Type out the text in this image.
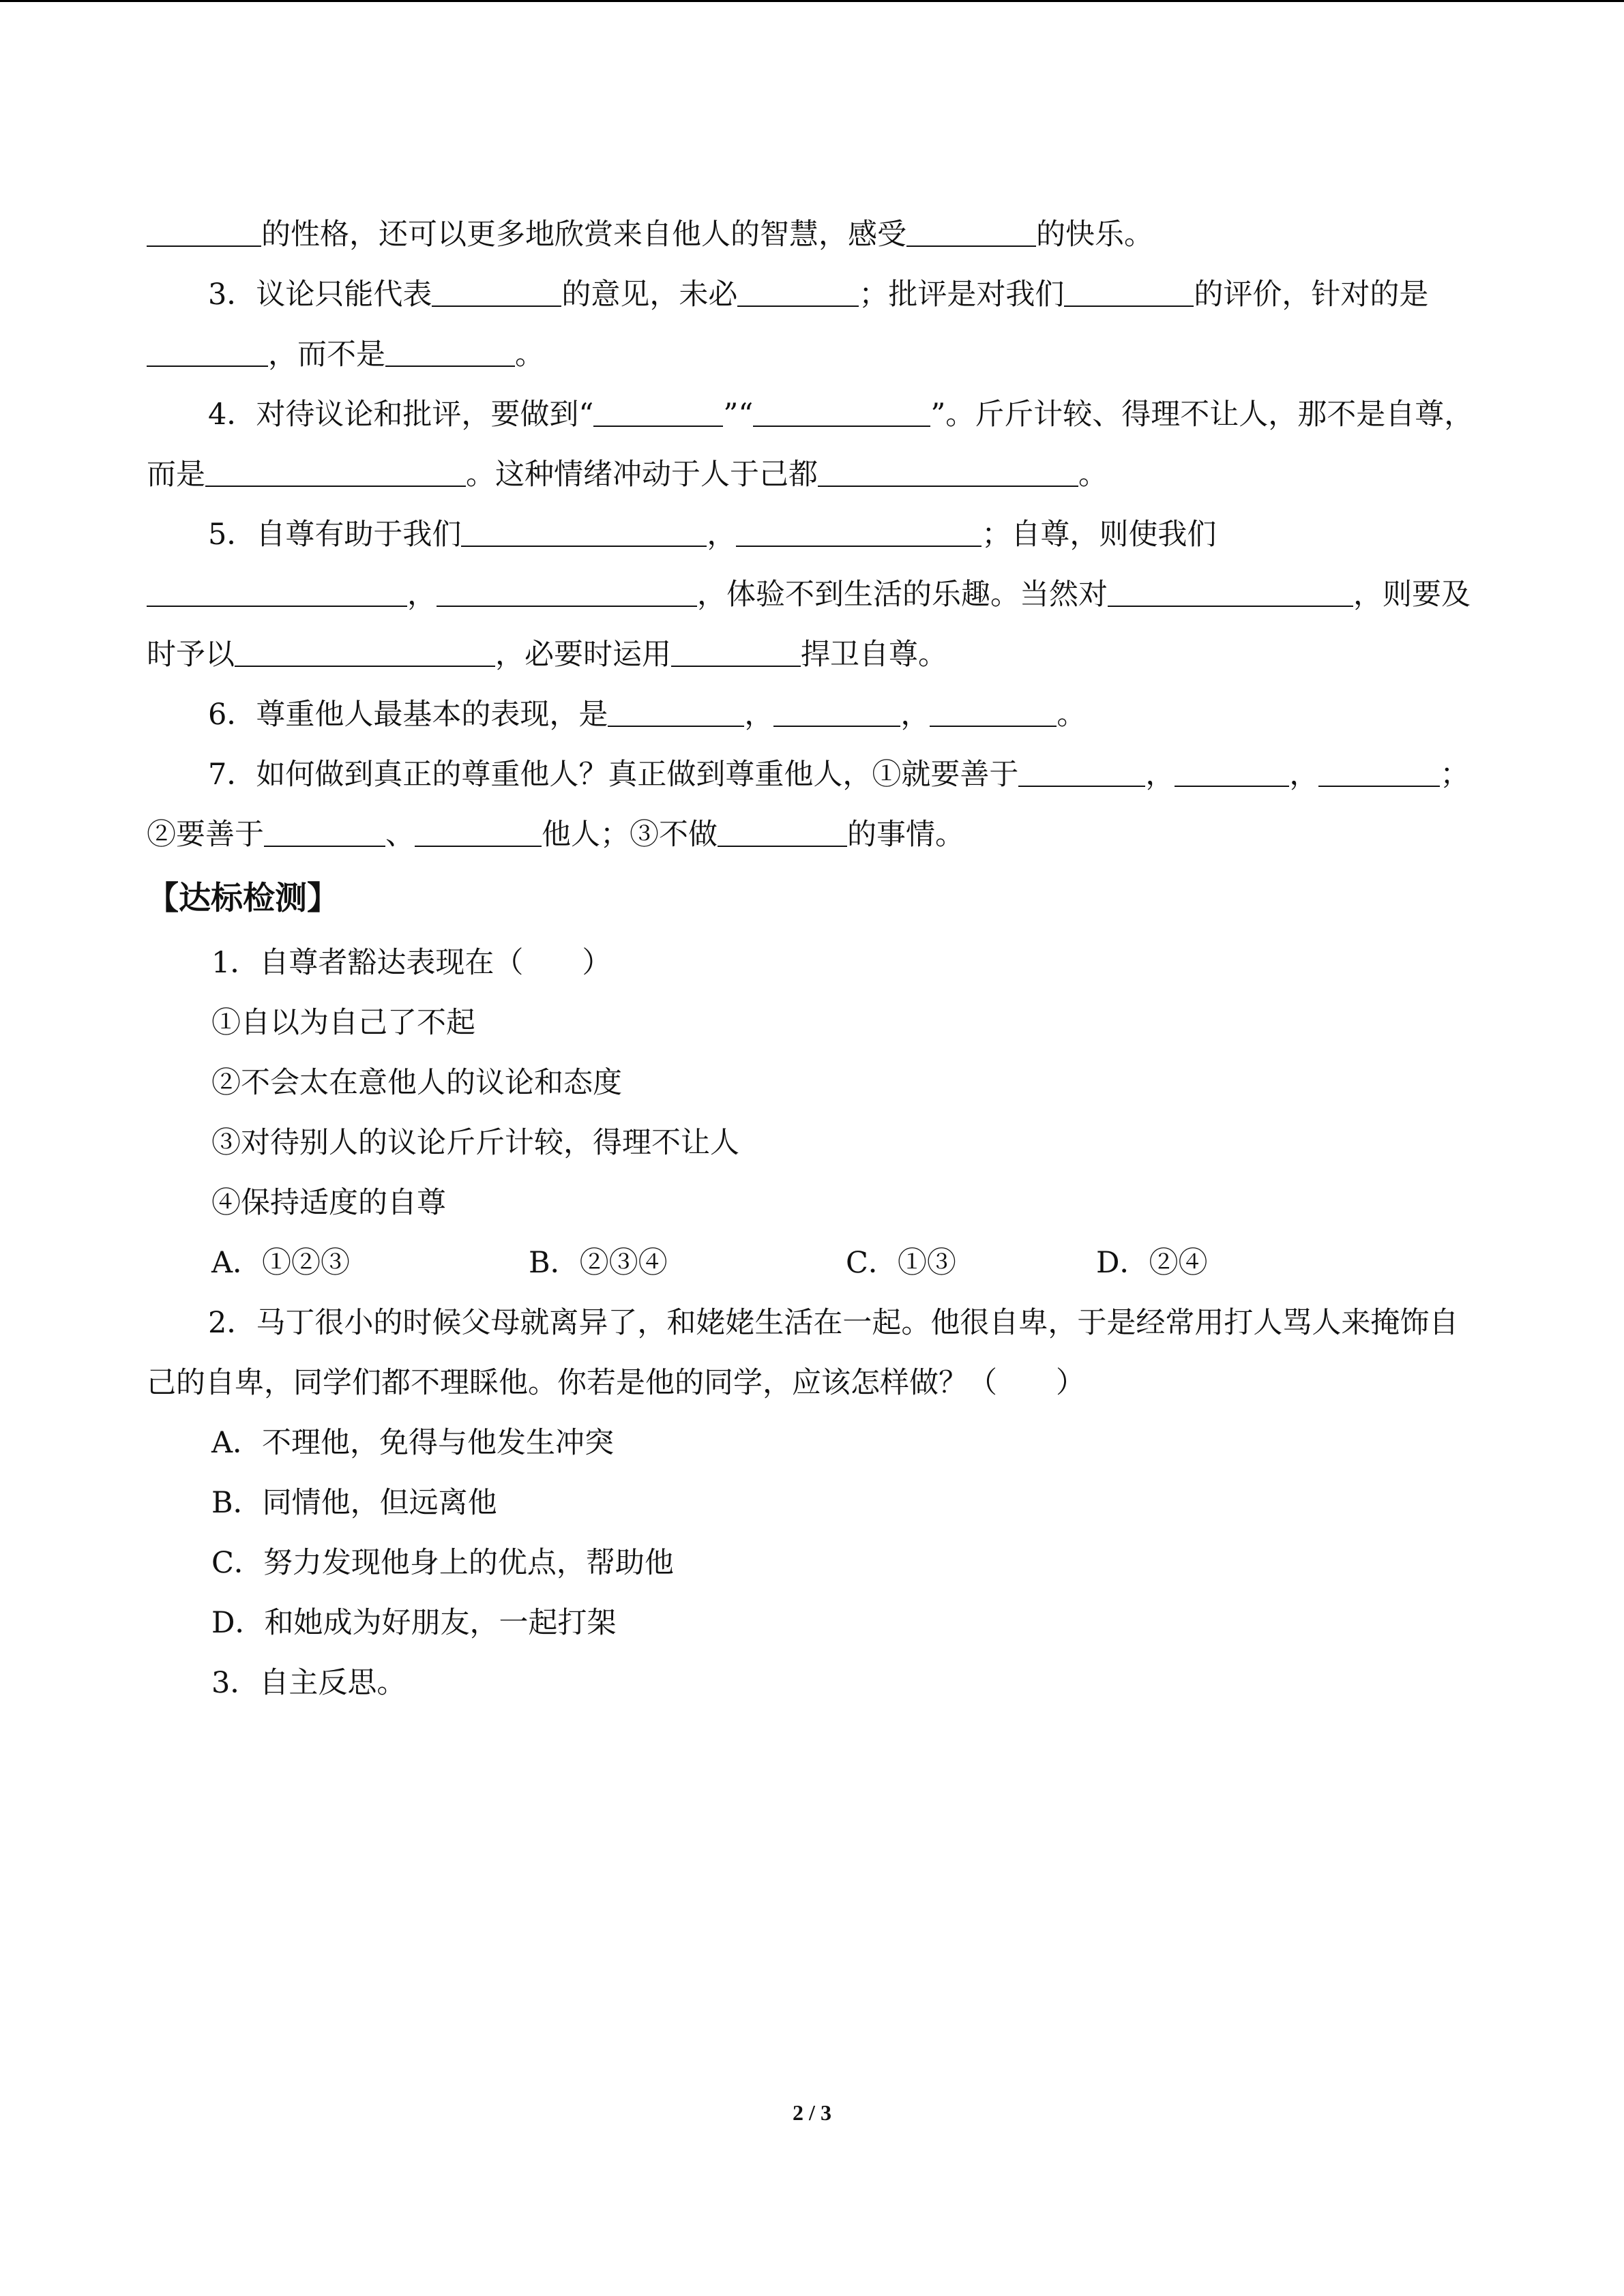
的性格，还可以更多地欣赏来自他人的智慧，感受	的快乐。

3．议论只能代表	的意见，未必	；批评是对我们	的评价，针对的是，而不是	。

4．对待议论和批评，要做到“	”“	”。斤斤计较、得理不让人，那不是自尊，而是	。这种情绪冲动于人于己都	。

5．自尊有助于我们	，	；自尊，则使我们，	，体验不到生活的乐趣。当然对	，则要及时予以	，必要时运用	捍卫自尊。

6．尊重他人最基本的表现，是	，	，	。

7．如何做到真正的尊重他人？真正做到尊重他人，①就要善于	，	，	；②要善于	、	他人；③不做	的事情。

【达标检测】

1．自尊者豁达表现在（　　）

①自以为自己了不起

②不会太在意他人的议论和态度

③对待别人的议论斤斤计较，得理不让人

④保持适度的自尊

A．①②③	B．②③④	C．①③	D．②④

2．马丁很小的时候父母就离异了，和姥姥生活在一起。他很自卑，于是经常用打人骂人来掩饰自己的自卑，同学们都不理睬他。你若是他的同学，应该怎样做？（　　）

A．不理他，免得与他发生冲突

B．同情他，但远离他

C．努力发现他身上的优点，帮助他

D．和她成为好朋友，一起打架

3．自主反思。

2 / 3
